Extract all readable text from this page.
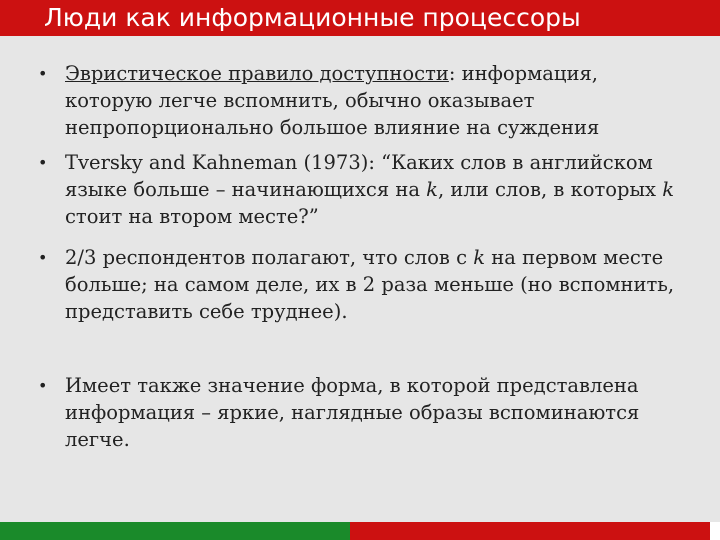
Люди как информационные процессоры
• Эвристическое правило доступности: информация, которую легче вспомнить, обычно оказывает непропорционально большое влияние на суждения
• Tversky and Kahneman (1973): “Каких слов в английском языке больше – начинающихся на k, или слов, в которых k стоит на втором месте?”
• 2/3 респондентов полагают, что слов с k на первом месте больше; на самом деле, их в 2 раза меньше (но вспомнить, представить себе труднее).
• Имеет также значение форма, в которой представлена информация – яркие, наглядные образы вспоминаются легче.
